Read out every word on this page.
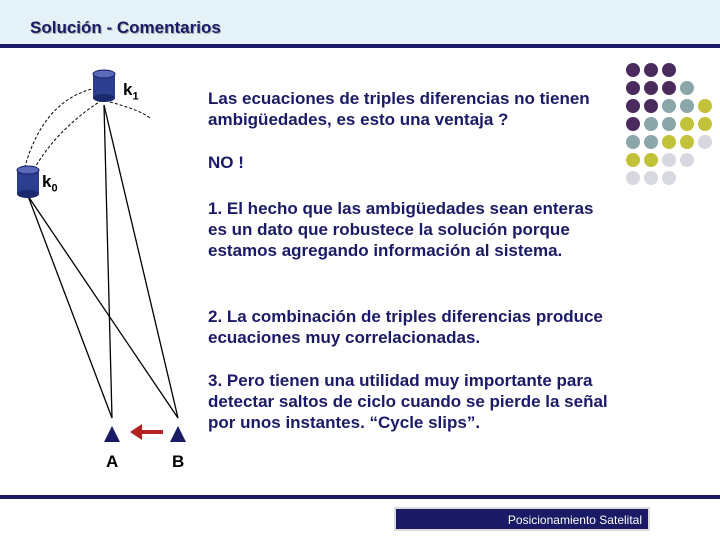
Solución - Comentarios
$k_1$
$k_0$
A	B

Las ecuaciones de triples diferencias no tienen ambigüedades, es esto una ventaja ?

NO !

1. El hecho que las ambigüedades sean enteras es un dato que robustece la solución porque estamos agregando información al sistema.

2. La combinación de triples diferencias produce ecuaciones muy correlacionadas.

3. Pero tienen una utilidad muy importante para detectar saltos de ciclo cuando se pierde la señal por unos instantes. “Cycle slips”.

Posicionamiento Satelital
